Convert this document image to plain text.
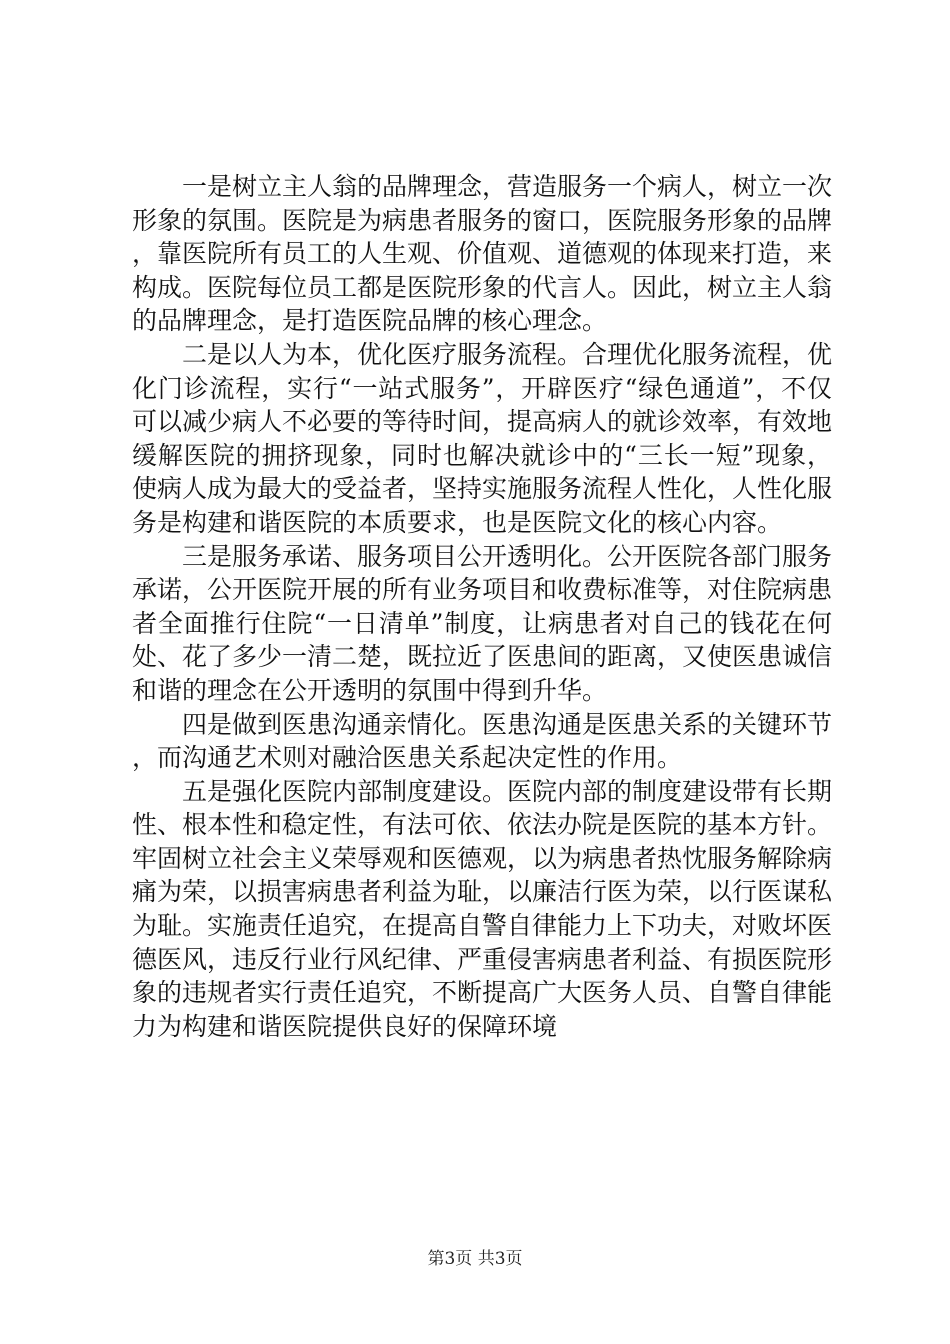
一是树立主人翁的品牌理念，营造服务一个病人，树立一次形象的氛围。医院是为病患者服务的窗口，医院服务形象的品牌，靠医院所有员工的人生观、价值观、道德观的体现来打造，来构成。医院每位员工都是医院形象的代言人。因此，树立主人翁的品牌理念，是打造医院品牌的核心理念。

二是以人为本，优化医疗服务流程。合理优化服务流程，优化门诊流程，实行“一站式服务”，开辟医疗“绿色通道”，不仅可以减少病人不必要的等待时间，提高病人的就诊效率，有效地缓解医院的拥挤现象，同时也解决就诊中的“三长一短”现象，使病人成为最大的受益者，坚持实施服务流程人性化，人性化服务是构建和谐医院的本质要求，也是医院文化的核心内容。

三是服务承诺、服务项目公开透明化。公开医院各部门服务承诺，公开医院开展的所有业务项目和收费标准等，对住院病患者全面推行住院“一日清单”制度，让病患者对自己的钱花在何处、花了多少一清二楚，既拉近了医患间的距离，又使医患诚信和谐的理念在公开透明的氛围中得到升华。

四是做到医患沟通亲情化。医患沟通是医患关系的关键环节，而沟通艺术则对融洽医患关系起决定性的作用。

五是强化医院内部制度建设。医院内部的制度建设带有长期性、根本性和稳定性，有法可依、依法办院是医院的基本方针。牢固树立社会主义荣辱观和医德观，以为病患者热忱服务解除病痛为荣，以损害病患者利益为耻，以廉洁行医为荣，以行医谋私为耻。实施责任追究，在提高自警自律能力上下功夫，对败坏医德医风，违反行业行风纪律、严重侵害病患者利益、有损医院形象的违规者实行责任追究，不断提高广大医务人员、自警自律能力为构建和谐医院提供良好的保障环境

第3页 共3页
